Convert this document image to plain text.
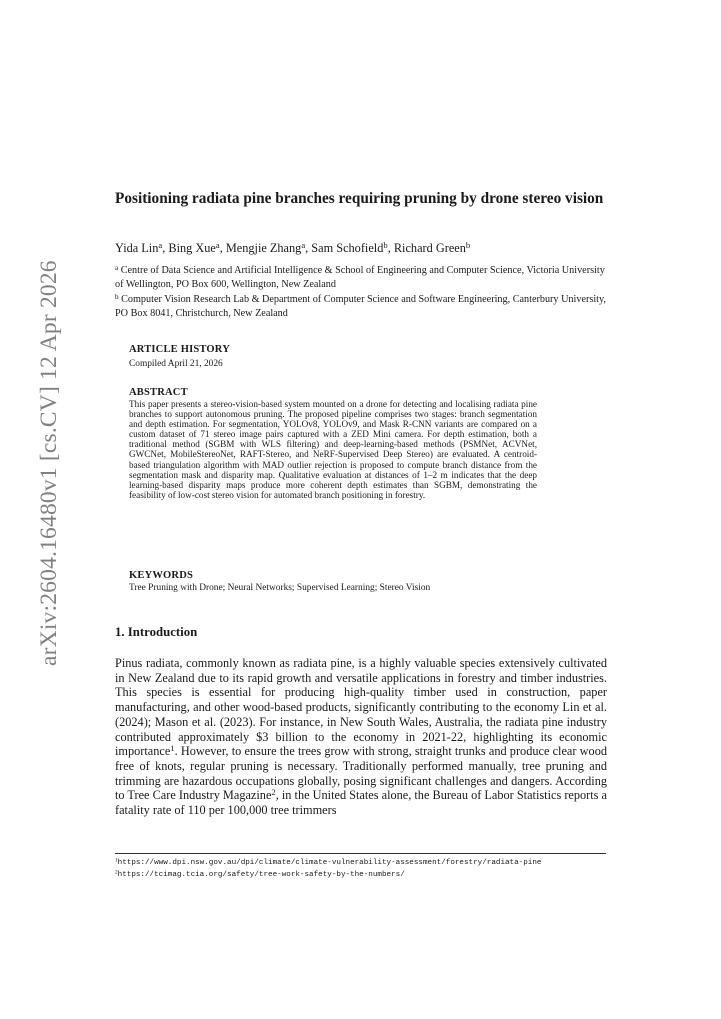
arXiv:2604.16480v1 [cs.CV] 12 Apr 2026
Positioning radiata pine branches requiring pruning by drone stereo vision
Yida Lin$^a$, Bing Xue$^a$, Mengjie Zhang$^a$, Sam Schofield$^b$, Richard Green$^b$
$^a$ Centre of Data Science and Artificial Intelligence & School of Engineering and Computer Science, Victoria University of Wellington, PO Box 600, Wellington, New Zealand
$^b$ Computer Vision Research Lab & Department of Computer Science and Software Engineering, Canterbury University, PO Box 8041, Christchurch, New Zealand
ARTICLE HISTORY
Compiled April 21, 2026
ABSTRACT
This paper presents a stereo-vision-based system mounted on a drone for detecting and localising radiata pine branches to support autonomous pruning. The proposed pipeline comprises two stages: branch segmentation and depth estimation. For segmentation, YOLOv8, YOLOv9, and Mask R-CNN variants are compared on a custom dataset of 71 stereo image pairs captured with a ZED Mini camera. For depth estimation, both a traditional method (SGBM with WLS filtering) and deep-learning-based methods (PSMNet, ACVNet, GWCNet, MobileStereoNet, RAFT-Stereo, and NeRF-Supervised Deep Stereo) are evaluated. A centroid-based triangulation algorithm with MAD outlier rejection is proposed to compute branch distance from the segmentation mask and disparity map. Qualitative evaluation at distances of 1–2 m indicates that the deep learning-based disparity maps produce more coherent depth estimates than SGBM, demonstrating the feasibility of low-cost stereo vision for automated branch positioning in forestry.
KEYWORDS
Tree Pruning with Drone; Neural Networks; Supervised Learning; Stereo Vision
1. Introduction
Pinus radiata, commonly known as radiata pine, is a highly valuable species extensively cultivated in New Zealand due to its rapid growth and versatile applications in forestry and timber industries. This species is essential for producing high-quality timber used in construction, paper manufacturing, and other wood-based products, significantly contributing to the economy Lin et al. (2024); Mason et al. (2023). For instance, in New South Wales, Australia, the radiata pine industry contributed approximately $3 billion to the economy in 2021-22, highlighting its economic importance$^1$. However, to ensure the trees grow with strong, straight trunks and produce clear wood free of knots, regular pruning is necessary. Traditionally performed manually, tree pruning and trimming are hazardous occupations globally, posing significant challenges and dangers. According to Tree Care Industry Magazine$^2$, in the United States alone, the Bureau of Labor Statistics reports a fatality rate of 110 per 100,000 tree trimmers
$^1$https://www.dpi.nsw.gov.au/dpi/climate/climate-vulnerability-assessment/forestry/radiata-pine
$^2$https://tcimag.tcia.org/safety/tree-work-safety-by-the-numbers/
